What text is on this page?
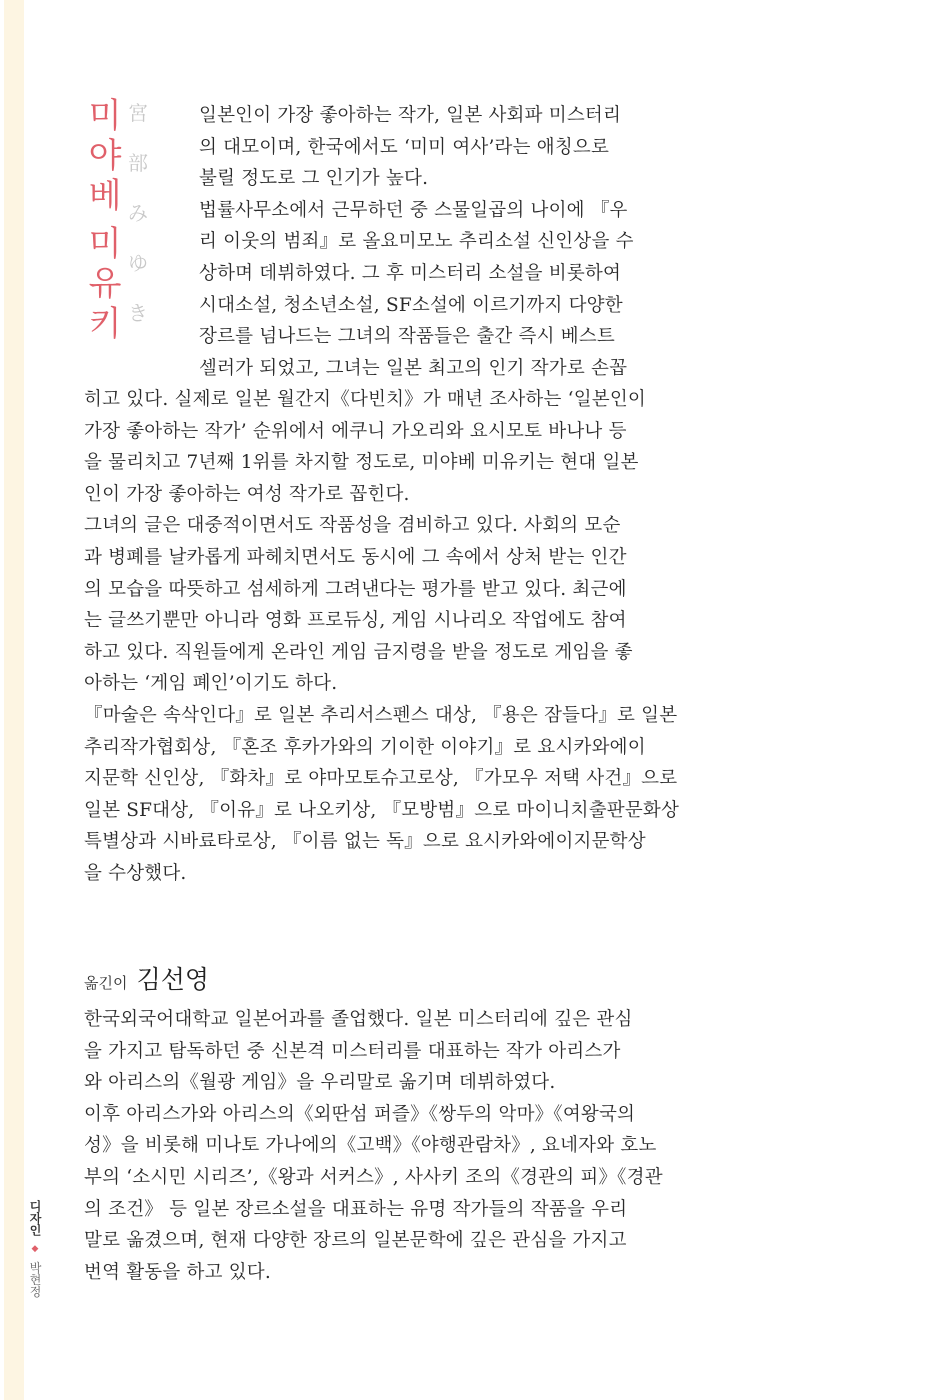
미
야
베
미
유
키
宮
部
み
ゆ
き
일본인이 가장 좋아하는 작가, 일본 사회파 미스터리
의 대모이며, 한국에서도 ‘미미 여사’라는 애칭으로
불릴 정도로 그 인기가 높다.
법률사무소에서 근무하던 중 스물일곱의 나이에 『우
리 이웃의 범죄』로 올요미모노 추리소설 신인상을 수
상하며 데뷔하였다. 그 후 미스터리 소설을 비롯하여
시대소설, 청소년소설, SF소설에 이르기까지 다양한
장르를 넘나드는 그녀의 작품들은 출간 즉시 베스트
셀러가 되었고, 그녀는 일본 최고의 인기 작가로 손꼽
히고 있다. 실제로 일본 월간지《다빈치》가 매년 조사하는 ‘일본인이
가장 좋아하는 작가’ 순위에서 에쿠니 가오리와 요시모토 바나나 등
을 물리치고 7년째 1위를 차지할 정도로, 미야베 미유키는 현대 일본
인이 가장 좋아하는 여성 작가로 꼽힌다.
그녀의 글은 대중적이면서도 작품성을 겸비하고 있다. 사회의 모순
과 병폐를 날카롭게 파헤치면서도 동시에 그 속에서 상처 받는 인간
의 모습을 따뜻하고 섬세하게 그려낸다는 평가를 받고 있다. 최근에
는 글쓰기뿐만 아니라 영화 프로듀싱, 게임 시나리오 작업에도 참여
하고 있다. 직원들에게 온라인 게임 금지령을 받을 정도로 게임을 좋
아하는 ‘게임 폐인’이기도 하다.
『마술은 속삭인다』로 일본 추리서스펜스 대상, 『용은 잠들다』로 일본
추리작가협회상, 『혼조 후카가와의 기이한 이야기』로 요시카와에이
지문학 신인상, 『화차』로 야마모토슈고로상, 『가모우 저택 사건』으로
일본 SF대상, 『이유』로 나오키상, 『모방범』으로 마이니치출판문화상
특별상과 시바료타로상, 『이름 없는 독』으로 요시카와에이지문학상
을 수상했다.
옮긴이 김선영
한국외국어대학교 일본어과를 졸업했다. 일본 미스터리에 깊은 관심
을 가지고 탐독하던 중 신본격 미스터리를 대표하는 작가 아리스가
와 아리스의《월광 게임》을 우리말로 옮기며 데뷔하였다.
이후 아리스가와 아리스의《외딴섬 퍼즐》《쌍두의 악마》《여왕국의
성》을 비롯해 미나토 가나에의《고백》《야행관람차》, 요네자와 호노
부의 ‘소시민 시리즈’,《왕과 서커스》, 사사키 조의《경관의 피》《경관
의 조건》 등 일본 장르소설을 대표하는 유명 작가들의 작품을 우리
말로 옮겼으며, 현재 다양한 장르의 일본문학에 깊은 관심을 가지고
번역 활동을 하고 있다.
디자인 ◆ 박현정
